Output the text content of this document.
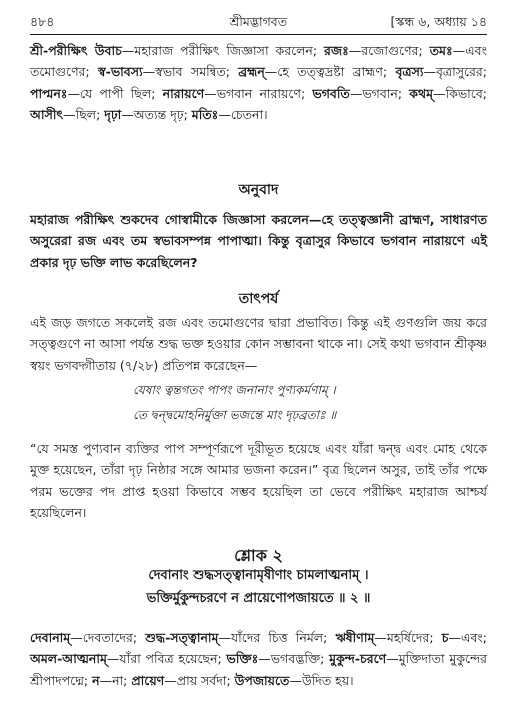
৪৮৪	শ্রীমদ্ভাগবত	[স্কন্ধ ৬, অধ্যায় ১৪

শ্রী-পরীক্ষিৎ উবাচ—মহারাজ পরীক্ষিৎ জিজ্ঞাসা করলেন; রজঃ—রজোগুণের; তমঃ—এবং তমোগুণের; স্ব-ভাবস্য—স্বভাব সমন্বিত; ব্রহ্মন্—হে তত্ত্বদ্রষ্টা ব্রাহ্মণ; বৃত্রস্য—বৃত্রাসুরের; পাপ্মনঃ—যে পাপী ছিল; নারায়ণে—ভগবান নারায়ণে; ভগবতি—ভগবান; কথম্—কিভাবে; আসীৎ—ছিল; দৃঢ়া—অত্যন্ত দৃঢ়; মতিঃ—চেতনা।

অনুবাদ

মহারাজ পরীক্ষিৎ শুকদেব গোস্বামীকে জিজ্ঞাসা করলেন—হে তত্ত্বজ্ঞানী ব্রাহ্মণ, সাধারণত অসুরেরা রজ এবং তম স্বভাবসম্পন্ন পাপাত্মা। কিন্তু বৃত্রাসুর কিভাবে ভগবান নারায়ণে এই প্রকার দৃঢ় ভক্তি লাভ করেছিলেন?

তাৎপর্য

এই জড় জগতে সকলেই রজ এবং তমোগুণের দ্বারা প্রভাবিত। কিন্তু এই গুণগুলি জয় করে সত্ত্বগুণে না আসা পর্যন্ত শুদ্ধ ভক্ত হওয়ার কোন সম্ভাবনা থাকে না। সেই কথা ভগবান শ্রীকৃষ্ণ স্বয়ং ভগবদ্গীতায় (৭/২৮) প্রতিপন্ন করেছেন—

যেষাং ত্বন্তগতং পাপং জনানাং পুণ্যকর্মণাম্ ।
তে দ্বন্দ্বমোহনির্মুক্তা ভজন্তে মাং দৃঢ়ব্রতাঃ ॥

“যে সমস্ত পুণ্যবান ব্যক্তির পাপ সম্পূর্ণরূপে দূরীভূত হয়েছে এবং যাঁরা দ্বন্দ্ব এবং মোহ থেকে মুক্ত হয়েছেন, তাঁরা দৃঢ় নিষ্ঠার সঙ্গে আমার ভজনা করেন।” বৃত্র ছিলেন অসুর, তাই তাঁর পক্ষে পরম ভক্তের পদ প্রাপ্ত হওয়া কিভাবে সম্ভব হয়েছিল তা ভেবে পরীক্ষিৎ মহারাজ আশ্চর্য হয়েছিলেন।

শ্লোক ২
দেবানাং শুদ্ধসত্ত্বানামৃষীণাং চামলাত্মনাম্ ।
ভক্তির্মুকুন্দচরণে ন প্রায়েণোপজায়তে ॥ ২ ॥

দেবানাম্—দেবতাদের; শুদ্ধ-সত্ত্বানাম্—যাঁদের চিত্ত নির্মল; ঋষীণাম্—মহর্ষিদের; চ—এবং; অমল-আত্মনাম্—যাঁরা পবিত্র হয়েছেন; ভক্তিঃ—ভগবদ্ভক্তি; মুকুন্দ-চরণে—মুক্তিদাতা মুকুন্দের শ্রীপাদপদ্মে; ন—না; প্রায়েণ—প্রায় সর্বদা; উপজায়তে—উদিত হয়।
